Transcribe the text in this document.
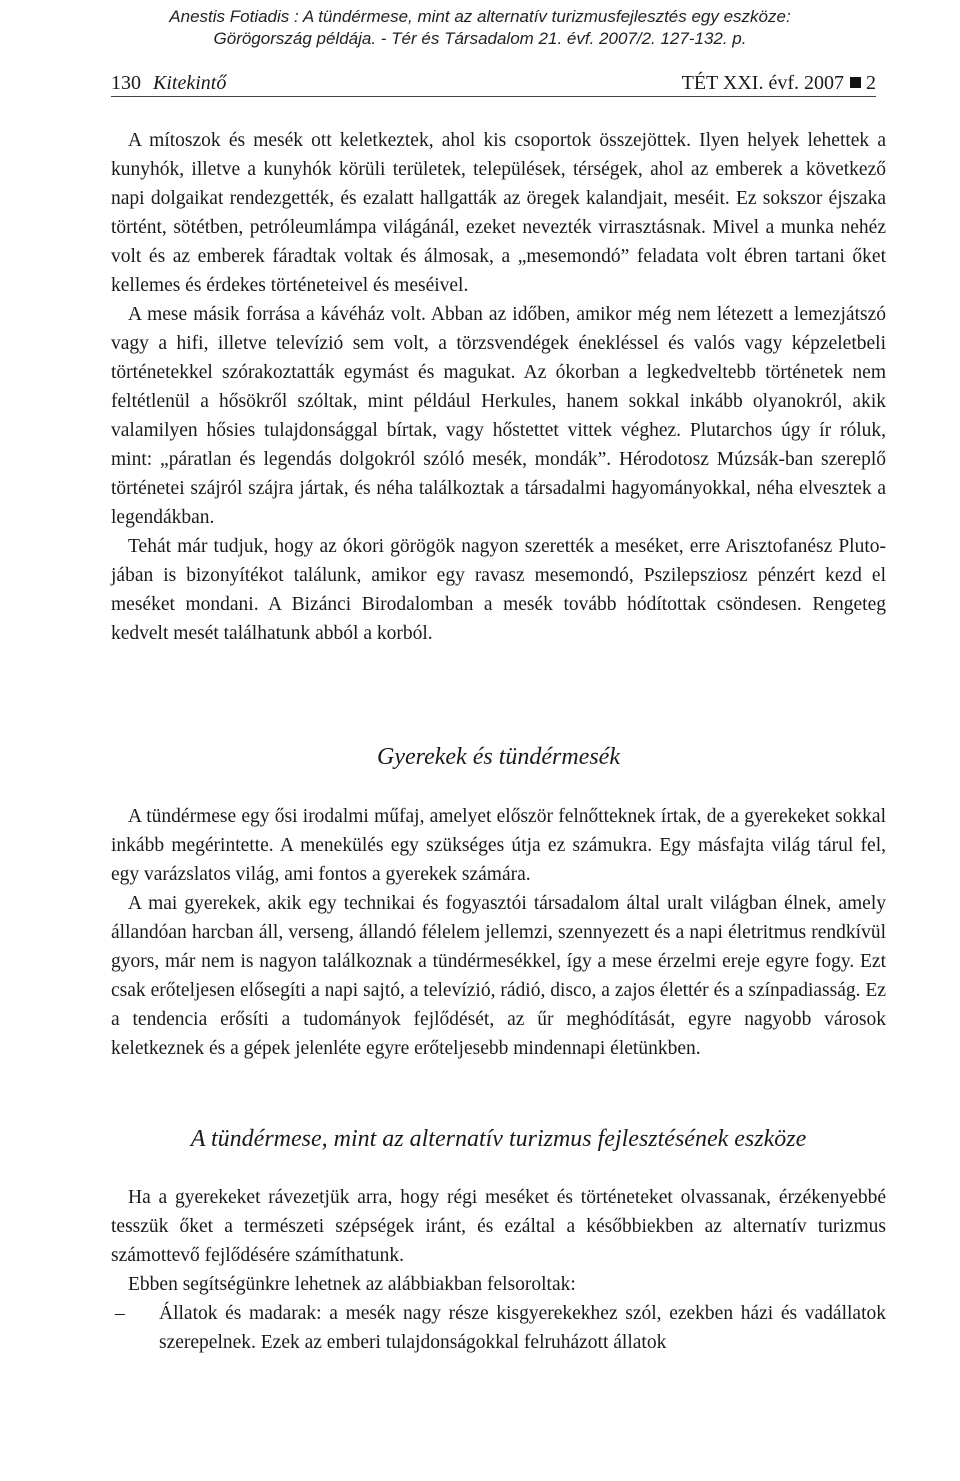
Anestis Fotiadis : A tündérmese, mint az alternatív turizmusfejlesztés egy eszköze:
Görögország példája. - Tér és Társadalom 21. évf. 2007/2. 127-132. p.
130 Kitekintő	TÉT XXI. évf. 2007 2

A mítoszok és mesék ott keletkeztek, ahol kis csoportok összejöttek. Ilyen helyek lehettek a kunyhók, illetve a kunyhók körüli területek, települések, térségek, ahol az emberek a következő napi dolgaikat rendezgették, és ezalatt hallgatták az öregek kalandjait, meséit. Ez sokszor éjszaka történt, sötétben, petróleumlámpa világánál, ezeket nevezték virrasztásnak. Mivel a munka nehéz volt és az emberek fáradtak voltak és álmosak, a „mesemondó” feladata volt ébren tartani őket kellemes és érdekes történeteivel és meséivel.

A mese másik forrása a kávéház volt. Abban az időben, amikor még nem létezett a lemezjátszó vagy a hifi, illetve televízió sem volt, a törzsvendégek énekléssel és valós vagy képzeletbeli történetekkel szórakoztatták egymást és magukat. Az ókorban a legkedveltebb történetek nem feltétlenül a hősökről szóltak, mint például Herkules, hanem sokkal inkább olyanokról, akik valamilyen hősies tulajdonsággal bírtak, vagy hőstettet vittek véghez. Plutarchos úgy ír róluk, mint: „páratlan és legendás dolgokról szóló mesék, mondák”. Hérodotosz Múzsák-ban szereplő történetei szájról szájra jártak, és néha találkoztak a társadalmi hagyományokkal, néha elvesztek a legendákban.

Tehát már tudjuk, hogy az ókori görögök nagyon szerették a meséket, erre Arisztofanész Pluto-jában is bizonyítékot találunk, amikor egy ravasz mesemondó, Pszilepsziosz pénzért kezd el meséket mondani. A Bizánci Birodalomban a mesék tovább hódítottak csöndesen. Rengeteg kedvelt mesét találhatunk abból a korból.

Gyerekek és tündérmesék

A tündérmese egy ősi irodalmi műfaj, amelyet először felnőtteknek írtak, de a gyerekeket sokkal inkább megérintette. A menekülés egy szükséges útja ez számukra. Egy másfajta világ tárul fel, egy varázslatos világ, ami fontos a gyerekek számára.

A mai gyerekek, akik egy technikai és fogyasztói társadalom által uralt világban élnek, amely állandóan harcban áll, verseng, állandó félelem jellemzi, szennyezett és a napi életritmus rendkívül gyors, már nem is nagyon találkoznak a tündérmesékkel, így a mese érzelmi ereje egyre fogy. Ezt csak erőteljesen elősegíti a napi sajtó, a televízió, rádió, disco, a zajos élettér és a színpadiasság. Ez a tendencia erősíti a tudományok fejlődését, az űr meghódítását, egyre nagyobb városok keletkeznek és a gépek jelenléte egyre erőteljesebb mindennapi életünkben.

A tündérmese, mint az alternatív turizmus fejlesztésének eszköze

Ha a gyerekeket rávezetjük arra, hogy régi meséket és történeteket olvassanak, érzékenyebbé tesszük őket a természeti szépségek iránt, és ezáltal a későbbiekben az alternatív turizmus számottevő fejlődésére számíthatunk.

Ebben segítségünkre lehetnek az alábbiakban felsoroltak:

– Állatok és madarak: a mesék nagy része kisgyerekekhez szól, ezekben házi és vadállatok szerepelnek. Ezek az emberi tulajdonságokkal felruházott állatok
